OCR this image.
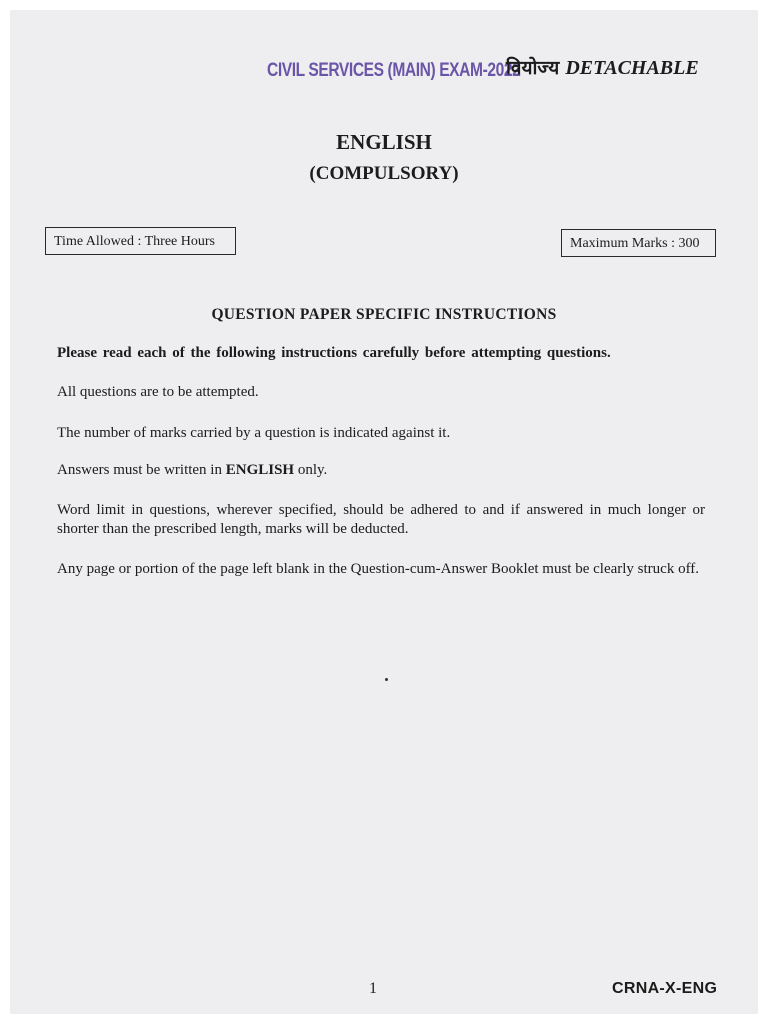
CIVIL SERVICES (MAIN) EXAM-2022
वियोज्य DETACHABLE
ENGLISH
(COMPULSORY)
Time Allowed : Three Hours	Maximum Marks : 300
QUESTION PAPER SPECIFIC INSTRUCTIONS

Please read each of the following instructions carefully before attempting questions.

All questions are to be attempted.

The number of marks carried by a question is indicated against it.

Answers must be written in ENGLISH only.

Word limit in questions, wherever specified, should be adhered to and if answered in much longer or shorter than the prescribed length, marks will be deducted.

Any page or portion of the page left blank in the Question-cum-Answer Booklet must be clearly struck off.

1	CRNA-X-ENG
